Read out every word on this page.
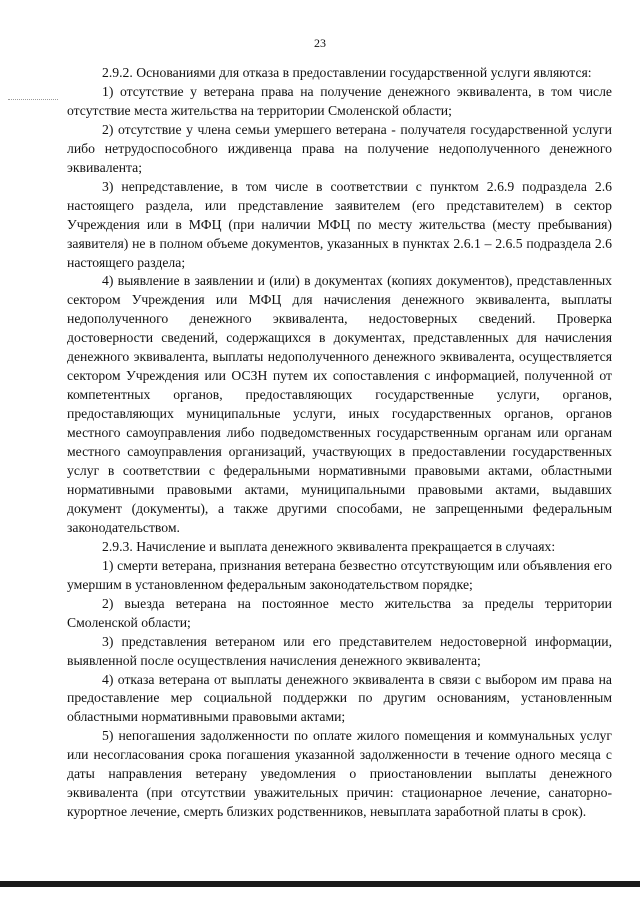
23

2.9.2. Основаниями для отказа в предоставлении государственной услуги являются:

1) отсутствие у ветерана права на получение денежного эквивалента, в том числе отсутствие места жительства на территории Смоленской области;

2) отсутствие у члена семьи умершего ветерана - получателя государственной услуги либо нетрудоспособного иждивенца права на получение недополученного денежного эквивалента;

3) непредставление, в том числе в соответствии с пунктом 2.6.9 подраздела 2.6 настоящего раздела, или представление заявителем (его представителем) в сектор Учреждения или в МФЦ (при наличии МФЦ по месту жительства (месту пребывания) заявителя) не в полном объеме документов, указанных в пунктах 2.6.1 – 2.6.5 подраздела 2.6 настоящего раздела;

4) выявление в заявлении и (или) в документах (копиях документов), представленных сектором Учреждения или МФЦ для начисления денежного эквивалента, выплаты недополученного денежного эквивалента, недостоверных сведений. Проверка достоверности сведений, содержащихся в документах, представленных для начисления денежного эквивалента, выплаты недополученного денежного эквивалента, осуществляется сектором Учреждения или ОСЗН путем их сопоставления с информацией, полученной от компетентных органов, предоставляющих государственные услуги, органов, предоставляющих муниципальные услуги, иных государственных органов, органов местного самоуправления либо подведомственных государственным органам или органам местного самоуправления организаций, участвующих в предоставлении государственных услуг в соответствии с федеральными нормативными правовыми актами, областными нормативными правовыми актами, муниципальными правовыми актами, выдавших документ (документы), а также другими способами, не запрещенными федеральным законодательством.

2.9.3. Начисление и выплата денежного эквивалента прекращается в случаях:

1) смерти ветерана, признания ветерана безвестно отсутствующим или объявления его умершим в установленном федеральным законодательством порядке;

2) выезда ветерана на постоянное место жительства за пределы территории Смоленской области;

3) представления ветераном или его представителем недостоверной информации, выявленной после осуществления начисления денежного эквивалента;

4) отказа ветерана от выплаты денежного эквивалента в связи с выбором им права на предоставление мер социальной поддержки по другим основаниям, установленным областными нормативными правовыми актами;

5) непогашения задолженности по оплате жилого помещения и коммунальных услуг или несогласования срока погашения указанной задолженности в течение одного месяца с даты направления ветерану уведомления о приостановлении выплаты денежного эквивалента (при отсутствии уважительных причин: стационарное лечение, санаторно-курортное лечение, смерть близких родственников, невыплата заработной платы в срок).
